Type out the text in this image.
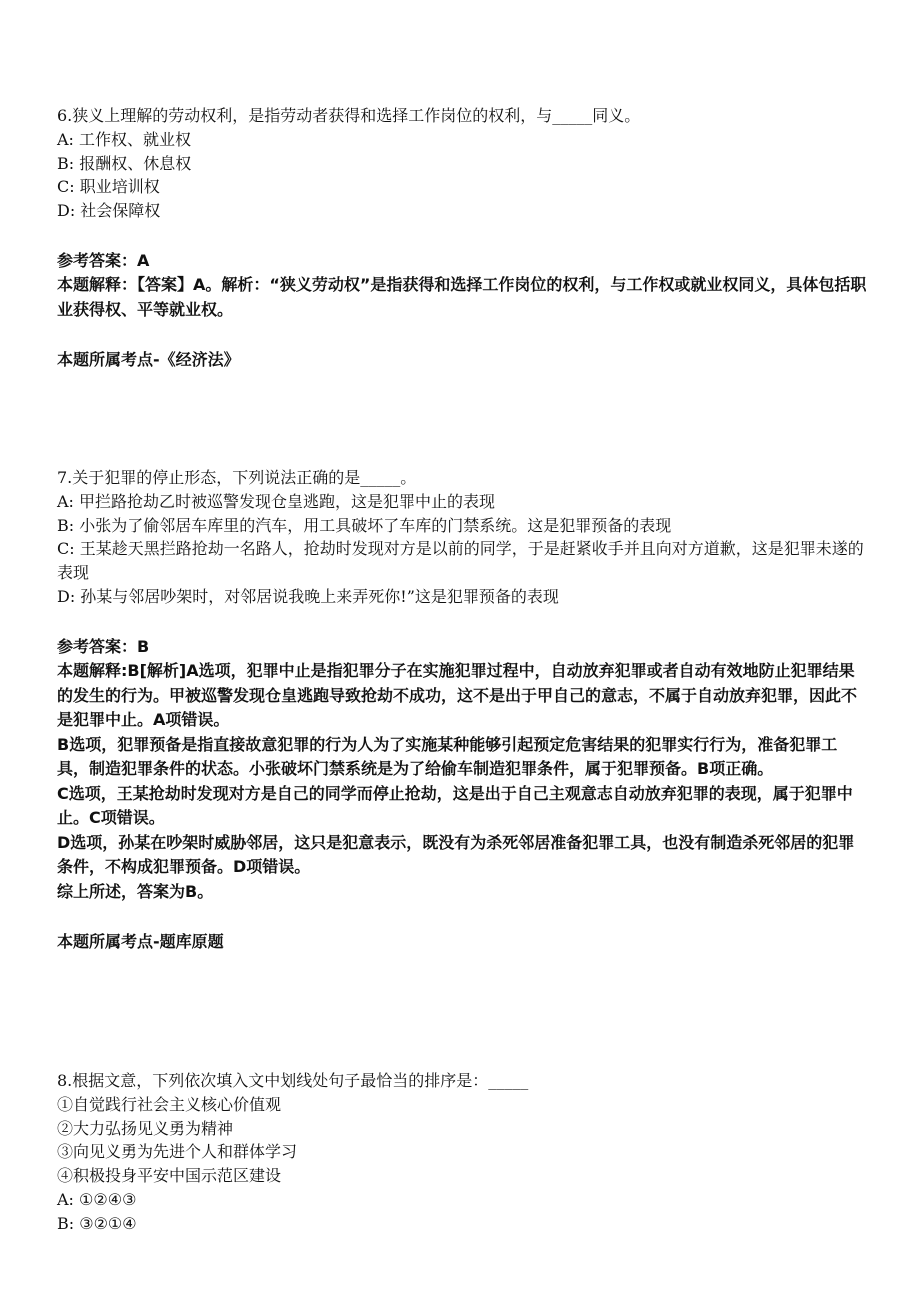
6.狭义上理解的劳动权利，是指劳动者获得和选择工作岗位的权利，与_____同义。
A: 工作权、就业权
B: 报酬权、休息权
C: 职业培训权
D: 社会保障权
参考答案：A
本题解释：【答案】A。解析：“狭义劳动权”是指获得和选择工作岗位的权利，与工作权或就业权同义，具体包括职业获得权、平等就业权。
本题所属考点-《经济法》
7.关于犯罪的停止形态，下列说法正确的是_____。
A: 甲拦路抢劫乙时被巡警发现仓皇逃跑，这是犯罪中止的表现
B: 小张为了偷邻居车库里的汽车，用工具破坏了车库的门禁系统。这是犯罪预备的表现
C: 王某趁天黑拦路抢劫一名路人，抢劫时发现对方是以前的同学，于是赶紧收手并且向对方道歉，这是犯罪未遂的表现
D: 孙某与邻居吵架时，对邻居说我晚上来弄死你!”这是犯罪预备的表现
参考答案：B
本题解释:B[解析]A选项，犯罪中止是指犯罪分子在实施犯罪过程中，自动放弃犯罪或者自动有效地防止犯罪结果的发生的行为。甲被巡警发现仓皇逃跑导致抢劫不成功，这不是出于甲自己的意志，不属于自动放弃犯罪，因此不是犯罪中止。A项错误。
B选项，犯罪预备是指直接故意犯罪的行为人为了实施某种能够引起预定危害结果的犯罪实行行为，准备犯罪工具，制造犯罪条件的状态。小张破坏门禁系统是为了给偷车制造犯罪条件，属于犯罪预备。B项正确。
C选项，王某抢劫时发现对方是自己的同学而停止抢劫，这是出于自己主观意志自动放弃犯罪的表现，属于犯罪中止。C项错误。
D选项，孙某在吵架时威胁邻居，这只是犯意表示，既没有为杀死邻居准备犯罪工具，也没有制造杀死邻居的犯罪条件，不构成犯罪预备。D项错误。
综上所述，答案为B。
本题所属考点-题库原题
8.根据文意，下列依次填入文中划线处句子最恰当的排序是：_____
①自觉践行社会主义核心价值观
②大力弘扬见义勇为精神
③向见义勇为先进个人和群体学习
④积极投身平安中国示范区建设
A: ①②④③
B: ③②①④
